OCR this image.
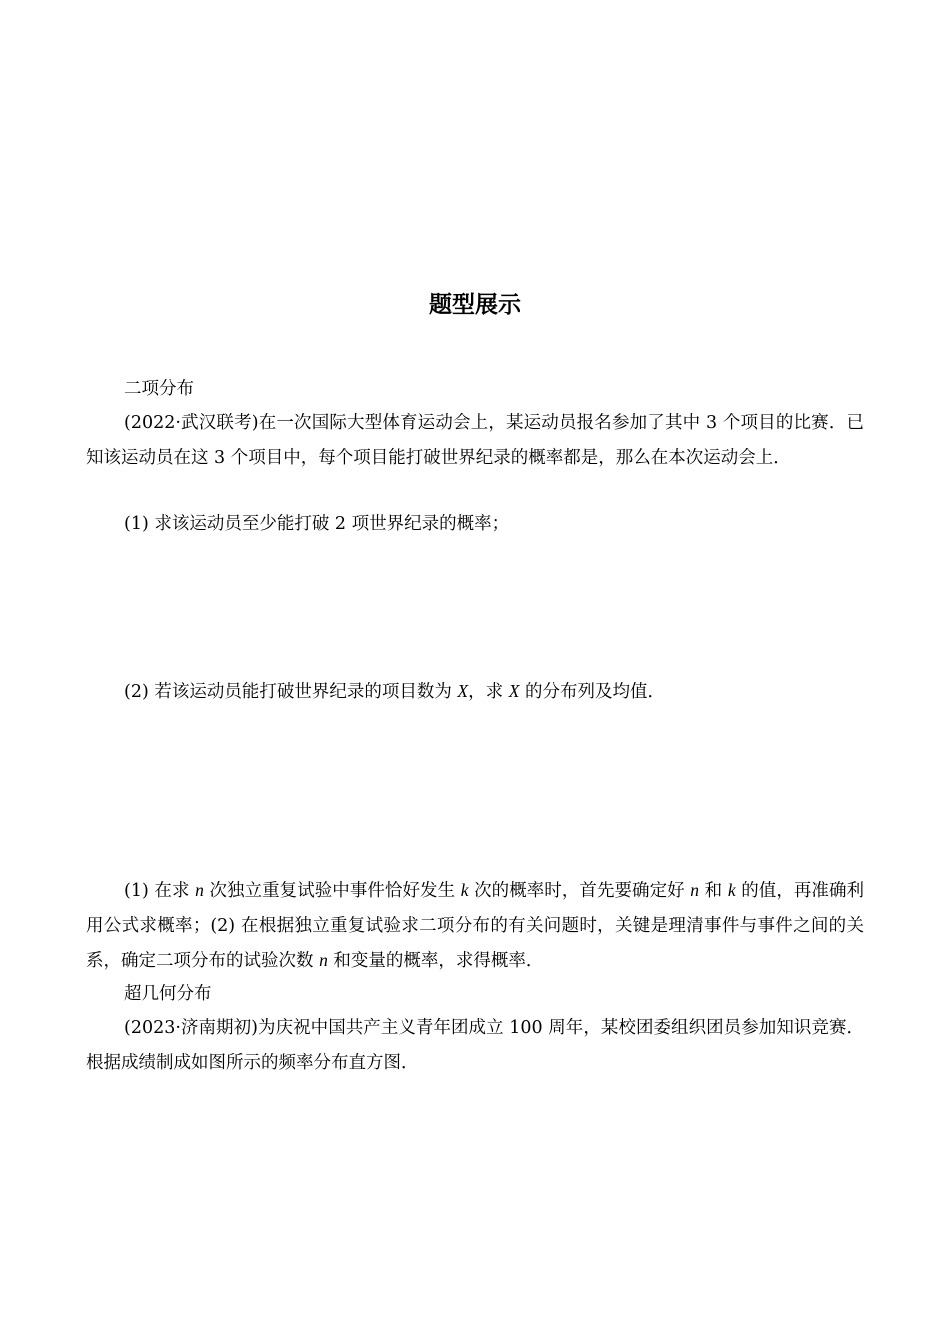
题型展示

二项分布

(2022·武汉联考)在一次国际大型体育运动会上，某运动员报名参加了其中 3 个项目的比赛．已知该运动员在这 3 个项目中，每个项目能打破世界纪录的概率都是，那么在本次运动会上．

(1) 求该运动员至少能打破 2 项世界纪录的概率；

(2) 若该运动员能打破世界纪录的项目数为 X，求 X 的分布列及均值．

(1) 在求 n 次独立重复试验中事件恰好发生 k 次的概率时，首先要确定好 n 和 k 的值，再准确利用公式求概率；(2) 在根据独立重复试验求二项分布的有关问题时，关键是理清事件与事件之间的关系，确定二项分布的试验次数 n 和变量的概率，求得概率．

超几何分布

(2023·济南期初)为庆祝中国共产主义青年团成立 100 周年，某校团委组织团员参加知识竞赛．根据成绩制成如图所示的频率分布直方图．
